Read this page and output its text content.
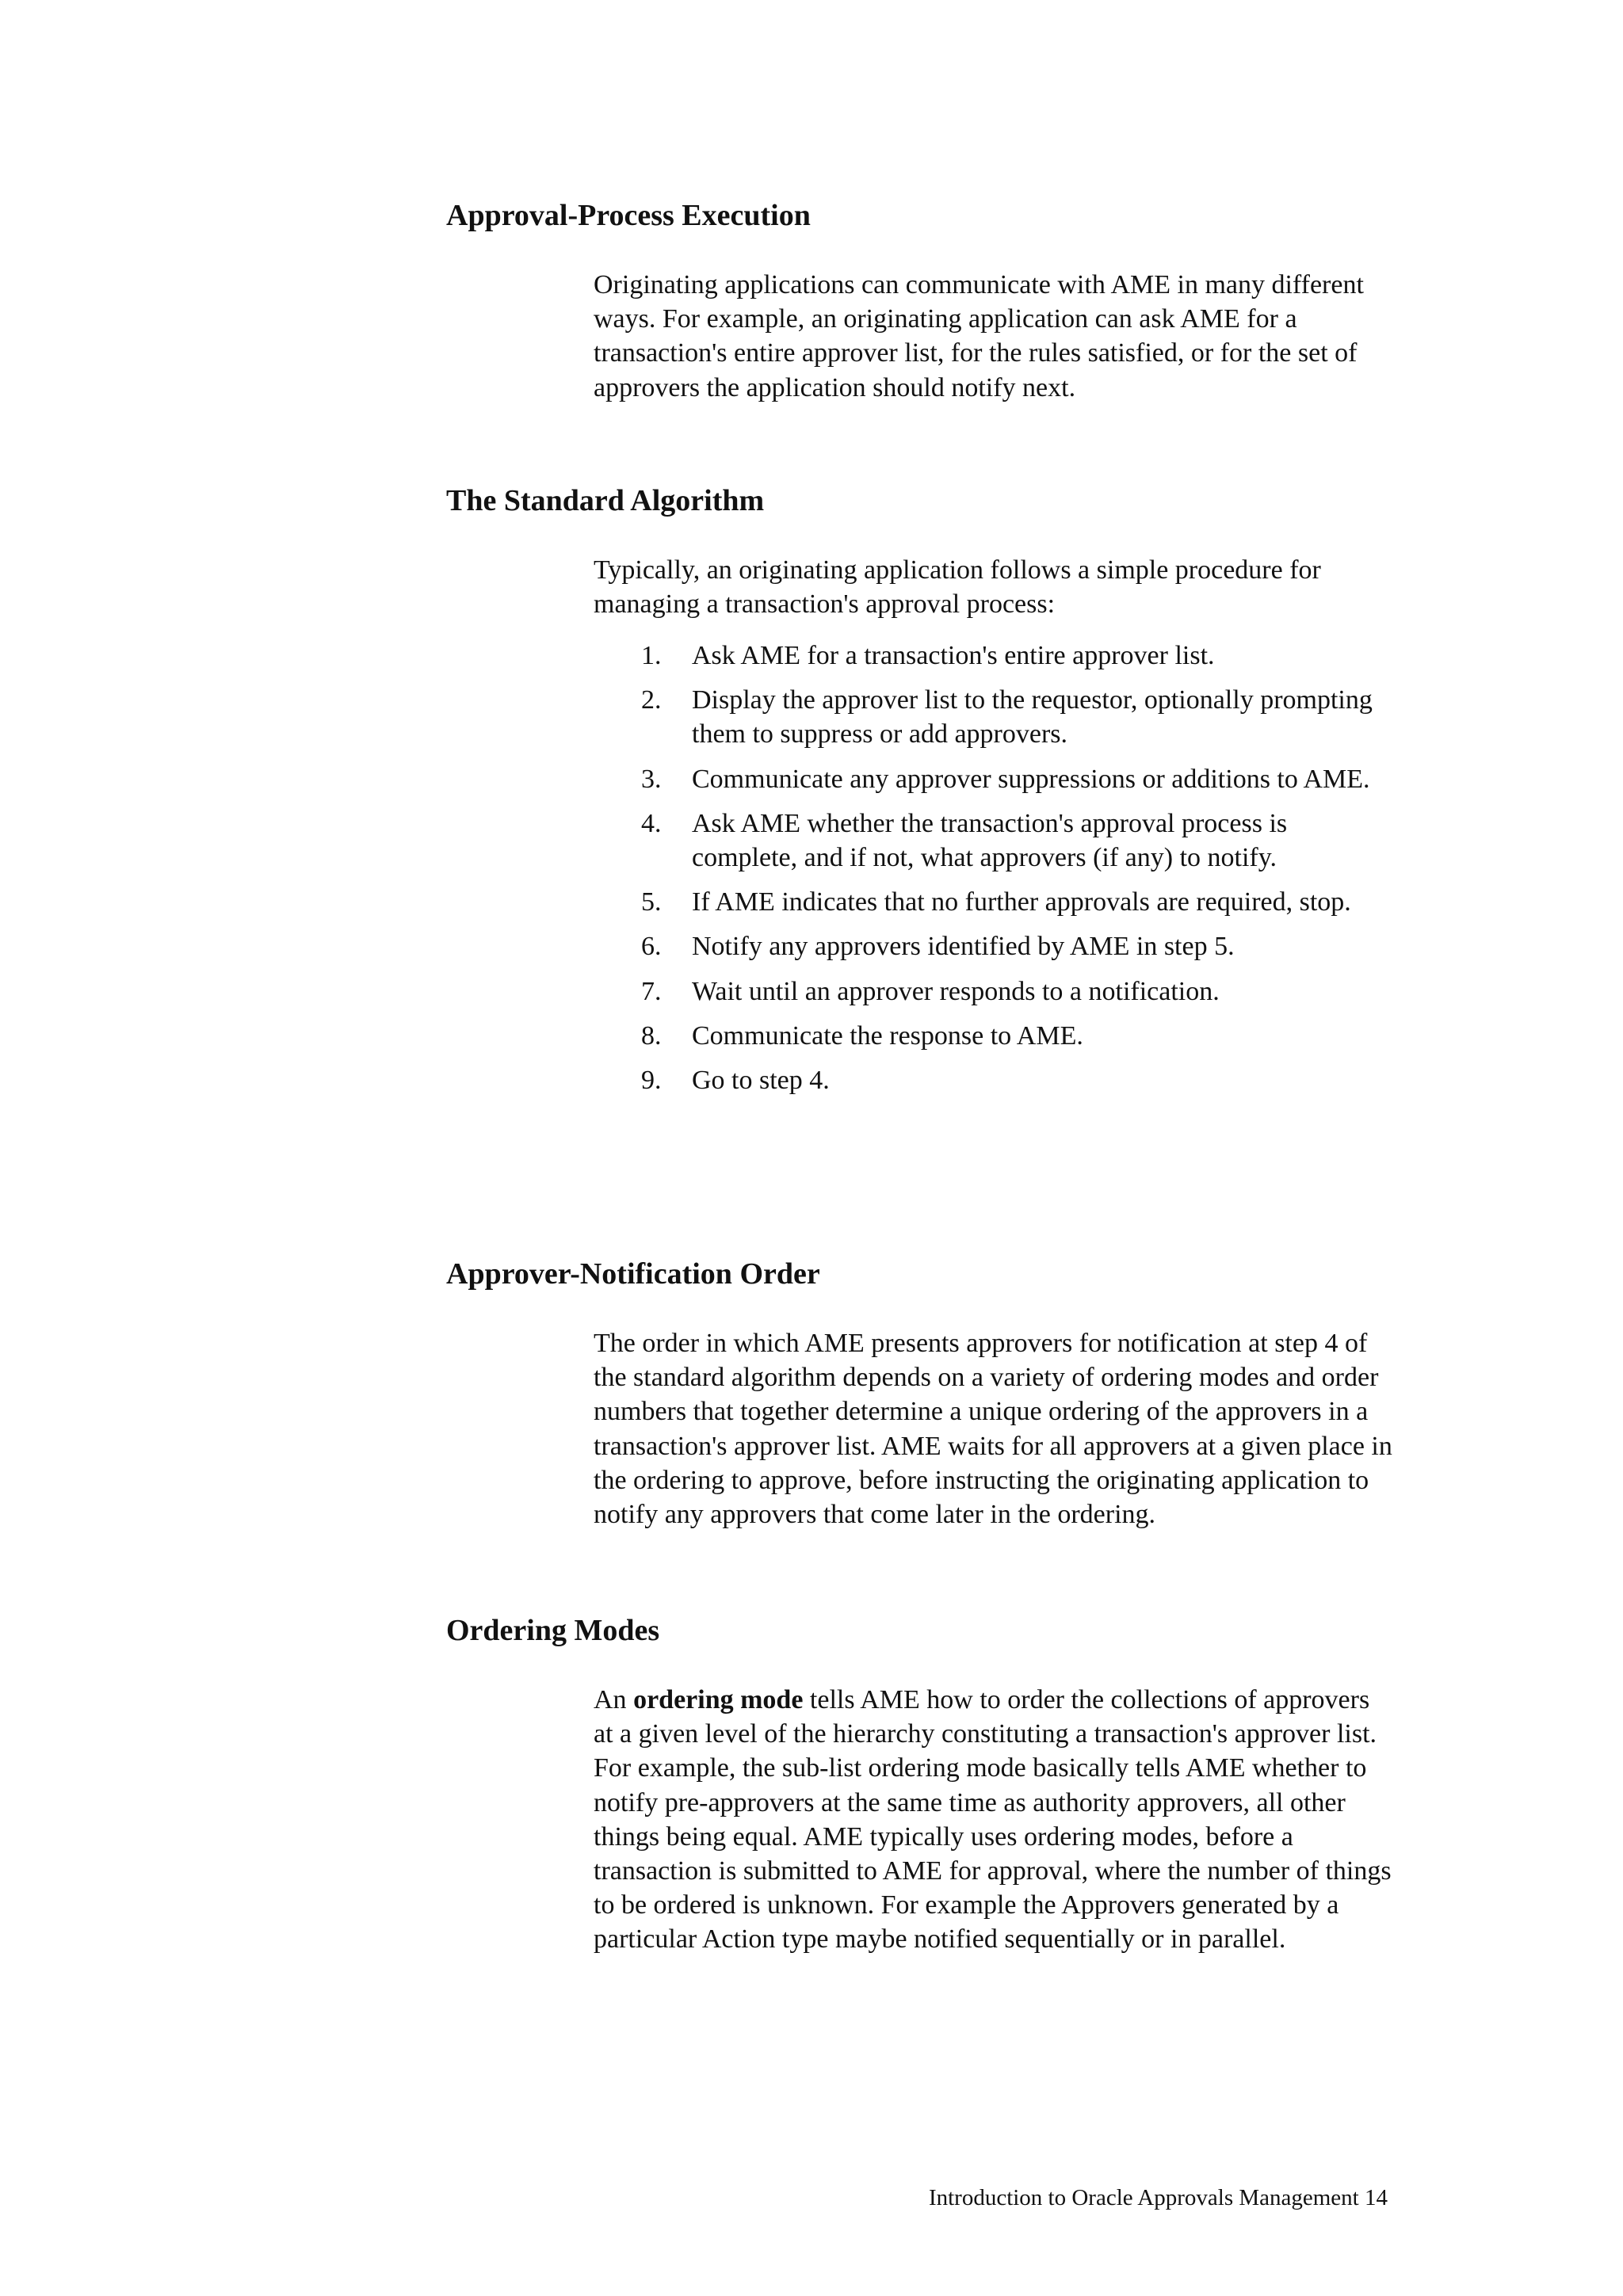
Approval-Process Execution

Originating applications can communicate with AME in many different ways. For example, an originating application can ask AME for a transaction's entire approver list, for the rules satisfied, or for the set of approvers the application should notify next.

The Standard Algorithm

Typically, an originating application follows a simple procedure for managing a transaction's approval process:

1. Ask AME for a transaction's entire approver list.
2. Display the approver list to the requestor, optionally prompting them to suppress or add approvers.
3. Communicate any approver suppressions or additions to AME.
4. Ask AME whether the transaction's approval process is complete, and if not, what approvers (if any) to notify.
5. If AME indicates that no further approvals are required, stop.
6. Notify any approvers identified by AME in step 5.
7. Wait until an approver responds to a notification.
8. Communicate the response to AME.
9. Go to step 4.
Approver-Notification Order

The order in which AME presents approvers for notification at step 4 of the standard algorithm depends on a variety of ordering modes and order numbers that together determine a unique ordering of the approvers in a transaction's approver list. AME waits for all approvers at a given place in the ordering to approve, before instructing the originating application to notify any approvers that come later in the ordering.

Ordering Modes

An ordering mode tells AME how to order the collections of approvers at a given level of the hierarchy constituting a transaction's approver list. For example, the sub-list ordering mode basically tells AME whether to notify pre-approvers at the same time as authority approvers, all other things being equal. AME typically uses ordering modes, before a transaction is submitted to AME for approval, where the number of things to be ordered is unknown. For example the Approvers generated by a particular Action type maybe notified sequentially or in parallel.

Introduction to Oracle Approvals Management 14
